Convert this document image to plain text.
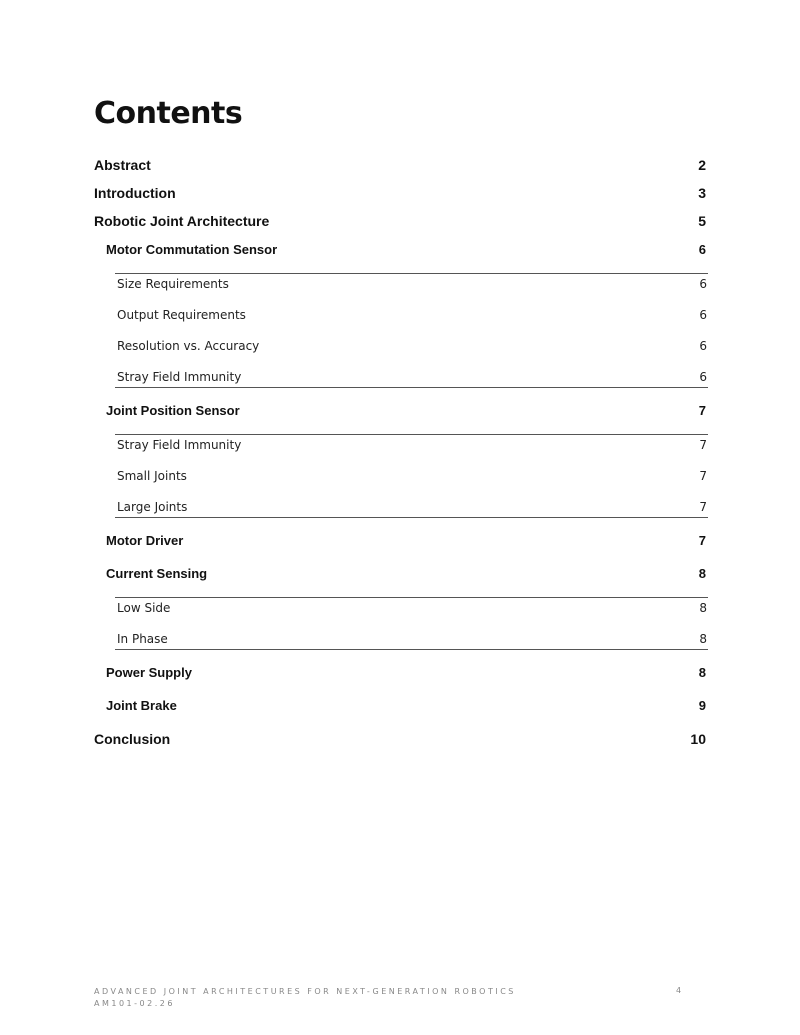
Contents
Abstract	2
Introduction	3
Robotic Joint Architecture	5
Motor Commutation Sensor	6
Size Requirements	6
Output Requirements	6
Resolution vs. Accuracy	6
Stray Field Immunity	6
Joint Position Sensor	7
Stray Field Immunity	7
Small Joints	7
Large Joints	7
Motor Driver	7
Current Sensing	8
Low Side	8
In Phase	8
Power Supply	8
Joint Brake	9
Conclusion	10
ADVANCED JOINT ARCHITECTURES FOR NEXT-GENERATION ROBOTICS
AM101-02.26
4
